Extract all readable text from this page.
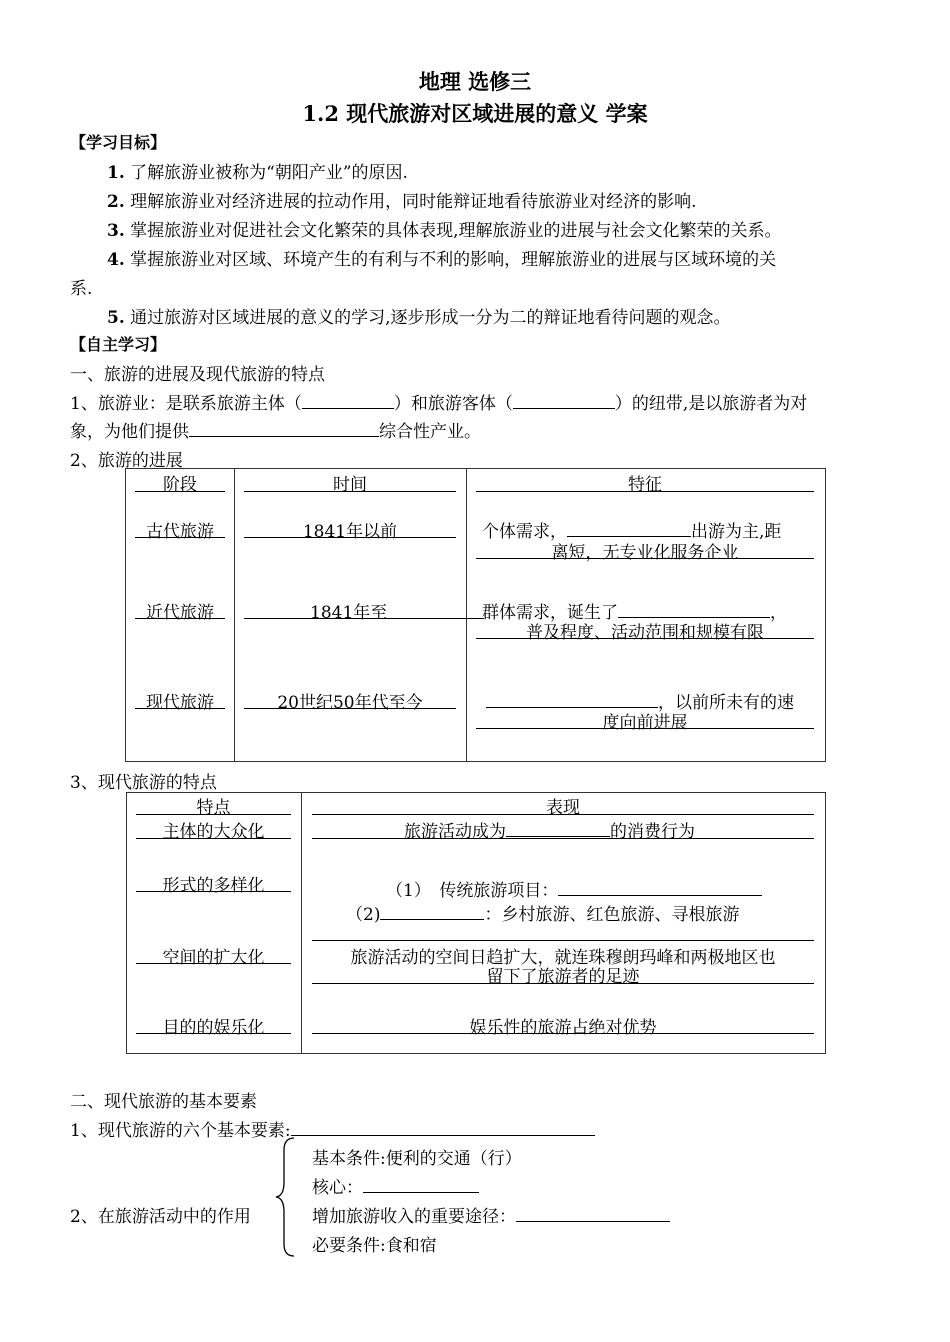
地理 选修三
1.2 现代旅游对区域进展的意义 学案
【学习目标】
1. 了解旅游业被称为“朝阳产业”的原因.
2. 理解旅游业对经济进展的拉动作用，同时能辩证地看待旅游业对经济的影响.
3. 掌握旅游业对促进社会文化繁荣的具体表现,理解旅游业的进展与社会文化繁荣的关系。
4. 掌握旅游业对区域、环境产生的有利与不利的影响，理解旅游业的进展与区域环境的关
系.
5. 通过旅游对区域进展的意义的学习,逐步形成一分为二的辩证地看待问题的观念。
【自主学习】
一、旅游的进展及现代旅游的特点
1、旅游业：是联系旅游主体（	）和旅游客体（	）的纽带,是以旅游者为对
象，为他们提供	综合性产业。
2、旅游的进展
阶段	时间	特征
古代旅游	1841年以前	个体需求，	出游为主,距
离短，无专业化服务企业
近代旅游	1841年至	群体需求，诞生了	，
普及程度、活动范围和规模有限
现代旅游	20世纪50年代至今	，以前所未有的速
度向前进展
3、现代旅游的特点
特点	表现
主体的大众化	旅游活动成为	的消费行为
形式的多样化	（1）　传统旅游项目：
（2)	：乡村旅游、红色旅游、寻根旅游
空间的扩大化	旅游活动的空间日趋扩大，就连珠穆朗玛峰和两极地区也
留下了旅游者的足迹
目的的娱乐化	娱乐性的旅游占绝对优势
二、现代旅游的基本要素
1、现代旅游的六个基本要素:
2、在旅游活动中的作用
基本条件:便利的交通（行）
核心：
增加旅游收入的重要途径：
必要条件:食和宿
